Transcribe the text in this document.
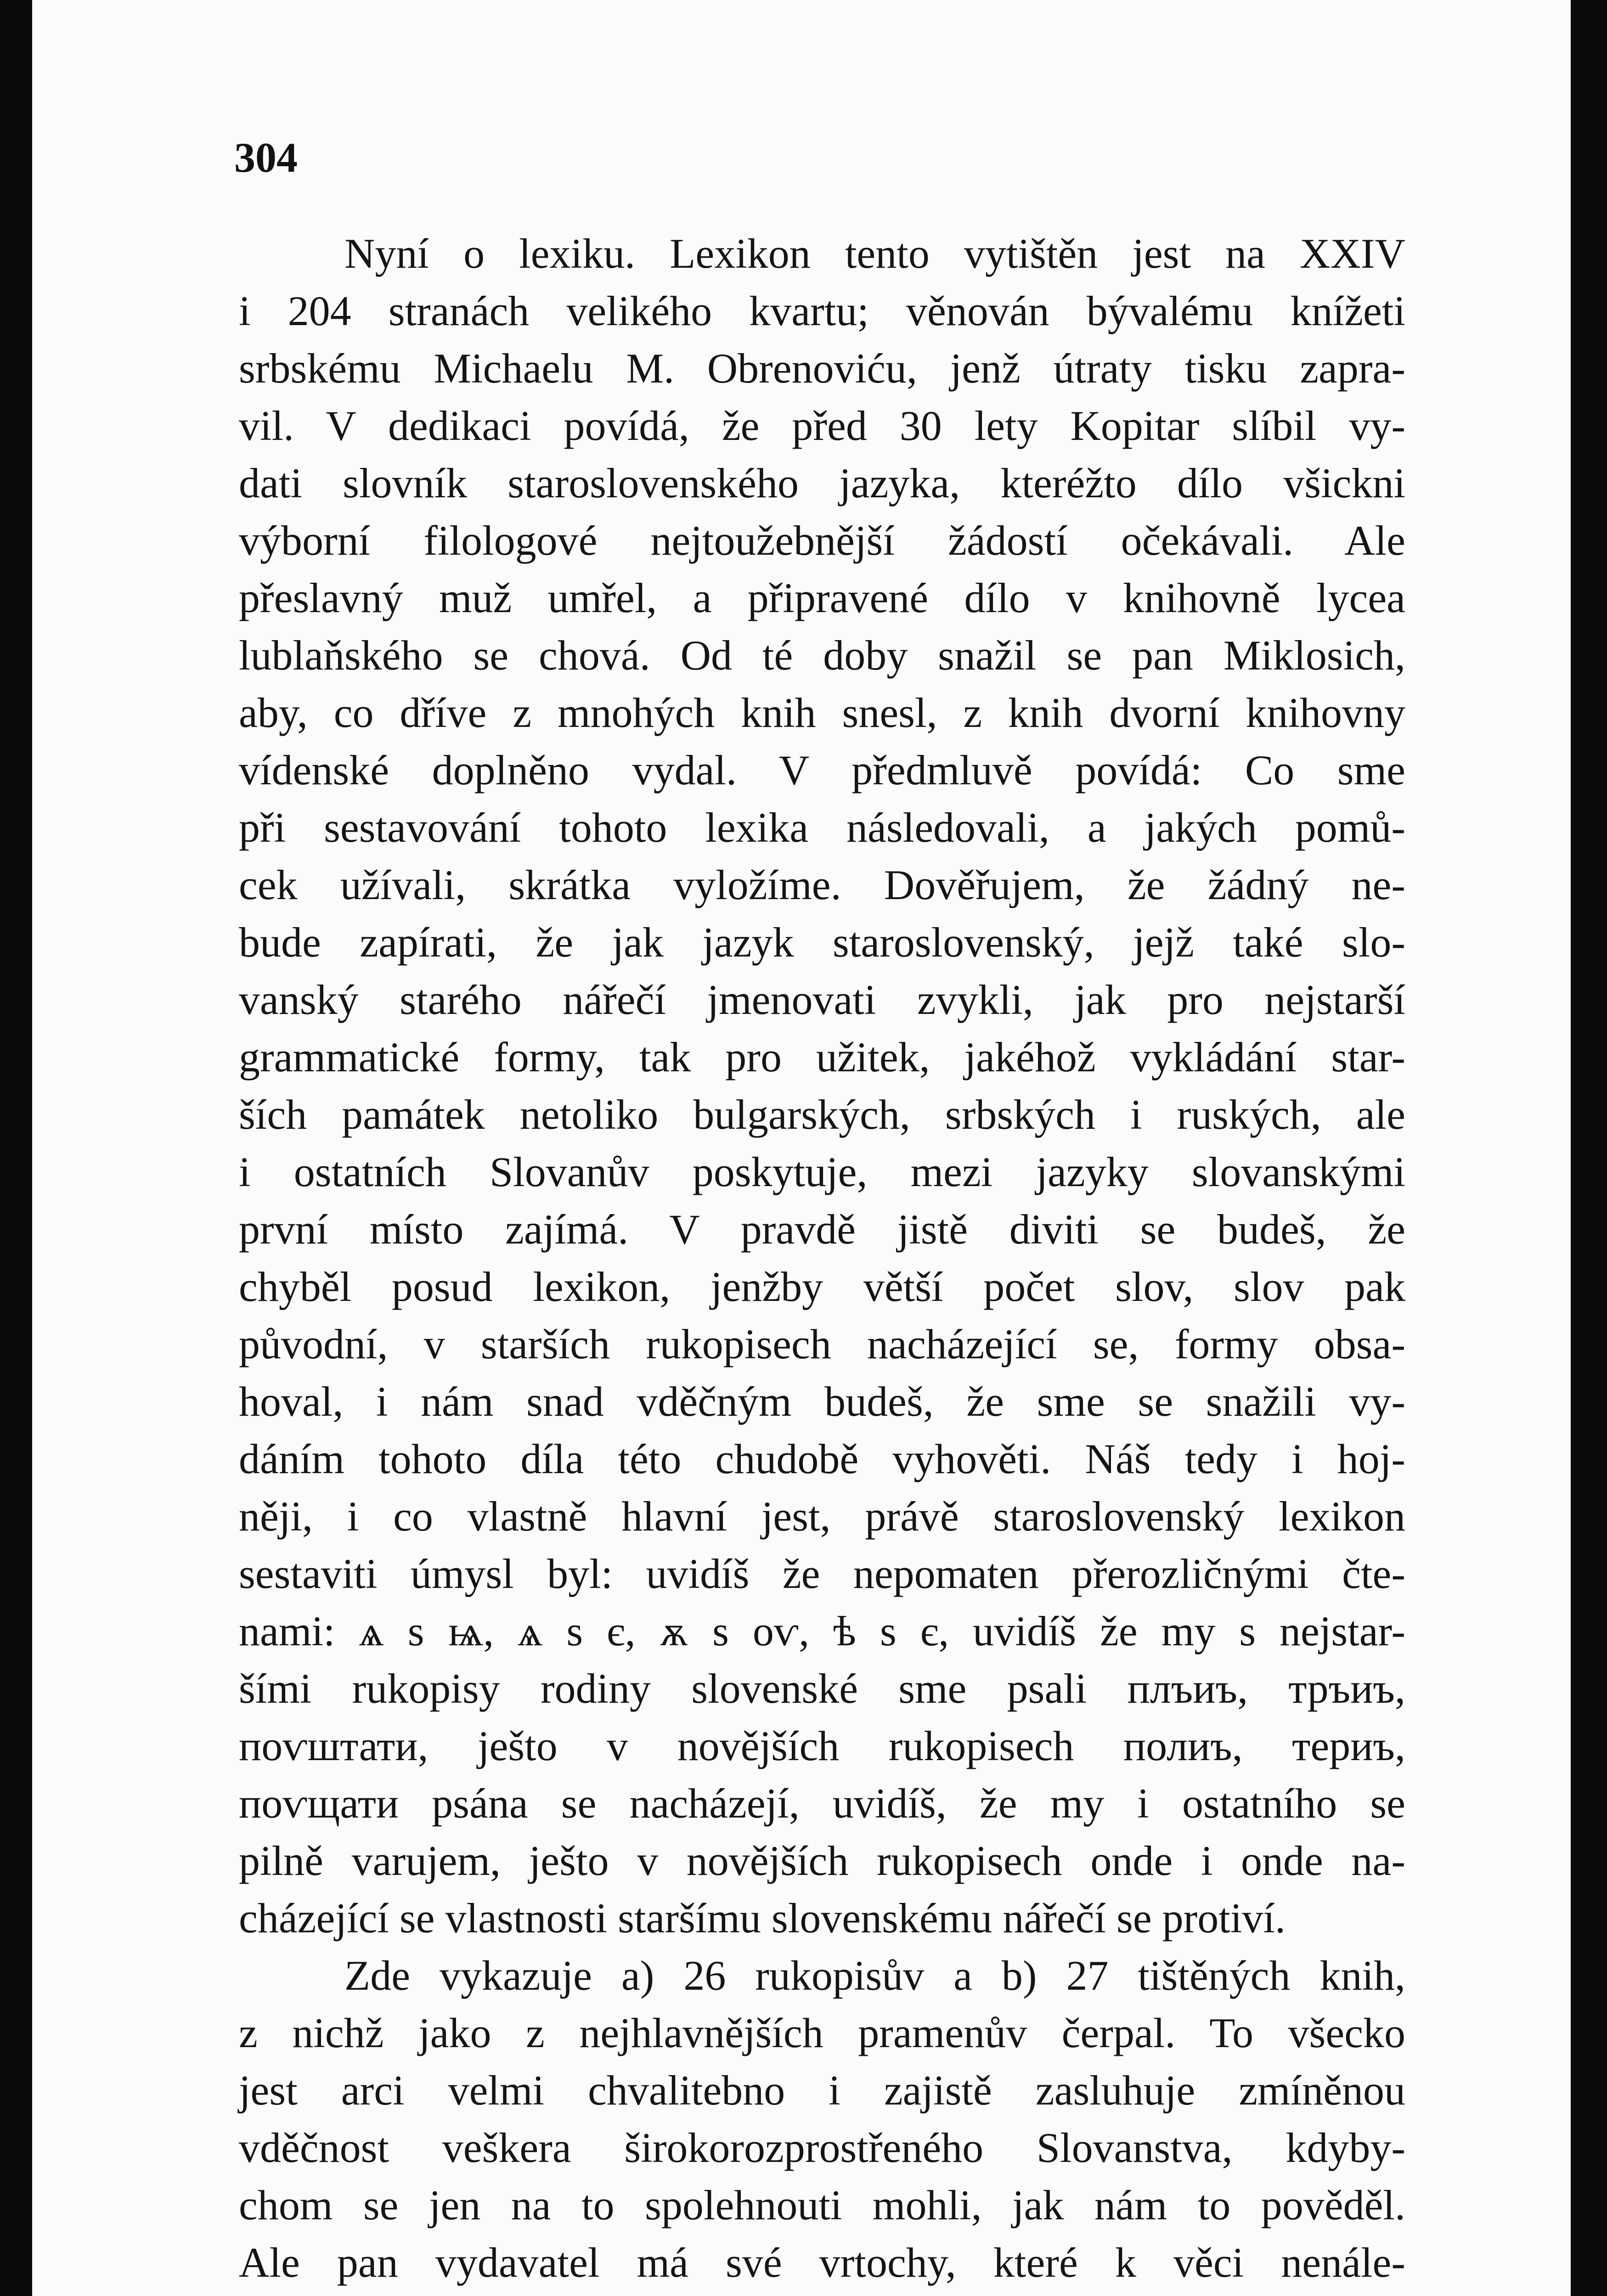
304
Nyní o lexiku. Lexikon tento vytištěn jest na XXIV
i 204 stranách velikého kvartu; věnován bývalému knížeti
srbskému Michaelu M. Obrenoviću, jenž útraty tisku zapra-
vil. V dedikaci povídá, že před 30 lety Kopitar slíbil vy-
dati slovník staroslovenského jazyka, kteréžto dílo všickni
výborní filologové nejtoužebnější žádostí očekávali. Ale
přeslavný muž umřel, a připravené dílo v knihovně lycea
lublaňského se chová. Od té doby snažil se pan Miklosich,
aby, co dříve z mnohých knih snesl, z knih dvorní knihovny
vídenské doplněno vydal. V předmluvě povídá: Co sme
při sestavování tohoto lexika následovali, a jakých pomů-
cek užívali, skrátka vyložíme. Dověřujem, že žádný ne-
bude zapírati, že jak jazyk staroslovenský, jejž také slo-
vanský starého nářečí jmenovati zvykli, jak pro nejstarší
grammatické formy, tak pro užitek, jakéhož vykládání star-
ších památek netoliko bulgarských, srbských i ruských, ale
i ostatních Slovanův poskytuje, mezi jazyky slovanskými
první místo zajímá. V pravdě jistě diviti se budeš, že
chyběl posud lexikon, jenžby větší počet slov, slov pak
původní, v starších rukopisech nacházející se, formy obsa-
hoval, i nám snad vděčným budeš, že sme se snažili vy-
dáním tohoto díla této chudobě vyhověti. Náš tedy i hoj-
něji, i co vlastně hlavní jest, právě staroslovenský lexikon
sestaviti úmysl byl: uvidíš že nepomaten přerozličnými čte-
nami: ѧ ѕ ѩ, ѧ ѕ є, ѫ ѕ оѵ, ѣ ѕ є, uvidíš že my s nejstar-
šími rukopisy rodiny slovenské sme psali плъиъ, тръиъ,
поѵштати, ješto v novějších rukopisech полиъ, териъ,
поѵщати psána se nacházejí, uvidíš, že my i ostatního se
pilně varujem, ješto v novějších rukopisech onde i onde na-
cházející se vlastnosti staršímu slovenskému nářečí se protiví.
Zde vykazuje a) 26 rukopisův a b) 27 tištěných knih,
z nichž jako z nejhlavnějších pramenův čerpal. To všecko
jest arci velmi chvalitebno i zajistě zasluhuje zmíněnou
vděčnost veškera širokorozprostřeného Slovanstva, kdyby-
chom se jen na to spolehnouti mohli, jak nám to pověděl.
Ale pan vydavatel má své vrtochy, které k věci nenále-
